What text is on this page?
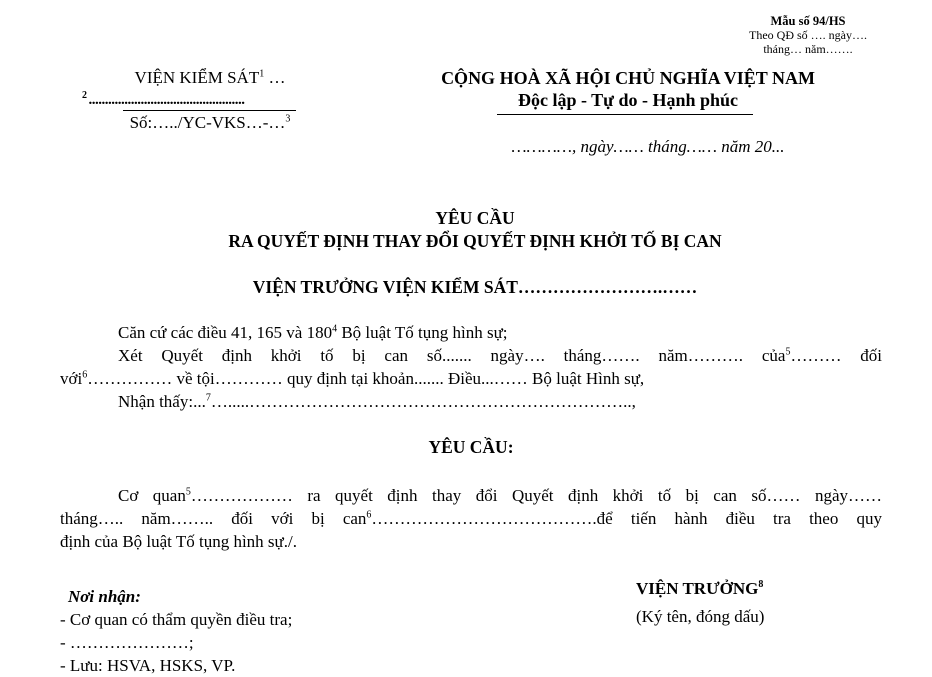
Mẫu số 94/HS
Theo QĐ số …. ngày….
tháng… năm…….
VIỆN KIỂM SÁT$^1$ …
$^2$ ................................................
Số:…../YC-VKS…-…$^3$
CỘNG HOÀ XÃ HỘI CHỦ NGHĨA VIỆT NAM
Độc lập - Tự do - Hạnh phúc
…………, ngày…… tháng…… năm 20...
YÊU CẦU
RA QUYẾT ĐỊNH THAY ĐỔI QUYẾT ĐỊNH KHỞI TỐ BỊ CAN
VIỆN TRƯỞNG VIỆN KIỂM SÁT…………………….……

Căn cứ các điều 41, 165 và $180^4$ Bộ luật Tố tụng hình sự;

Xét Quyết định khởi tố bị can số....... ngày…. tháng……. năm………. của$^5$……… đối

với$^6$…………… về tội………… quy định tại khoản....... Điều...…… Bộ luật Hình sự,

Nhận thấy:...$^7$….....…………………………………………………………..,

YÊU CẦU:

Cơ quan$^5$……………… ra quyết định thay đổi Quyết định khởi tố bị can số…… ngày……

tháng….. năm…….. đối với bị can$^6$………………………………….để tiến hành điều tra theo quy

định của Bộ luật Tố tụng hình sự./.

Nơi nhận:
- Cơ quan có thẩm quyền điều tra;
- …………………;
- Lưu: HSVA, HSKS, VP.
VIỆN TRƯỞNG$^8$
(Ký tên, đóng dấu)
